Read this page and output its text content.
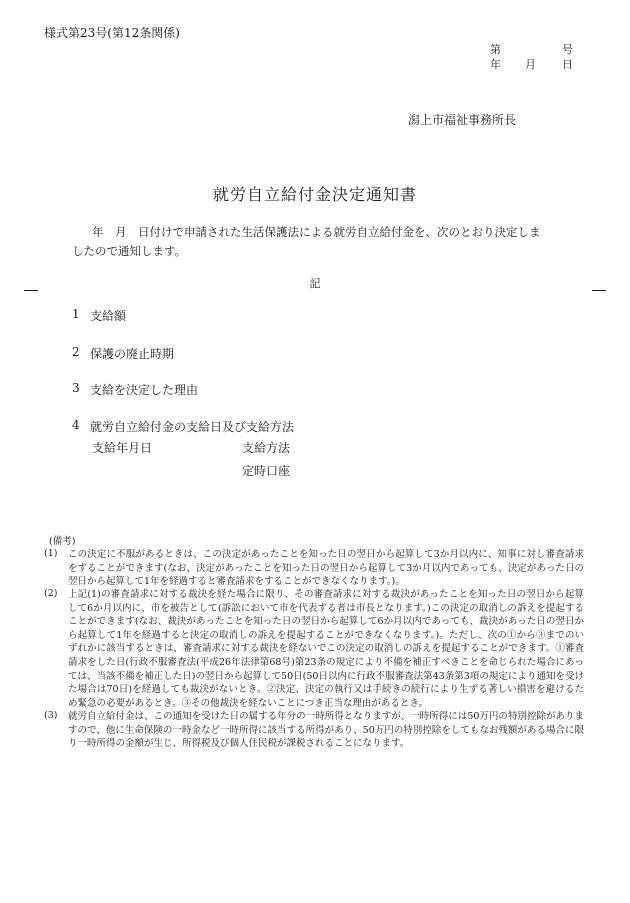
様式第23号(第12条関係)
第	号
年 月 日
潟上市福祉事務所長
就労自立給付金決定通知書
年　月　日付けで申請された生活保護法による就労自立給付金を、次のとおり決定しま
したので通知します。
記
1 支給額
2 保護の廃止時期
3 支給を決定した理由
4 就労自立給付金の支給日及び支給方法
支給年月日	支給方法
定時口座
(備考)
(1) この決定に不服があるときは、この決定があったことを知った日の翌日から起算して3か月以内に、知事に対し審査請求をすることができます(なお、決定があったことを知った日の翌日から起算して3か月以内であっても、決定があった日の翌日から起算して1年を経過すると審査請求をすることができなくなります。)。
(2) 上記(1)の審査請求に対する裁決を経た場合に限り、その審査請求に対する裁決があったことを知った日の翌日から起算して6か月以内に、市を被告として(訴訟において市を代表する者は市長となります。)この決定の取消しの訴えを提起することができます(なお、裁決があったことを知った日の翌日から起算して6か月以内であっても、裁決があった日の翌日から起算して1年を経過すると決定の取消しの訴えを提起することができなくなります。)。ただし、次の①から③までのいずれかに該当するときは、審査請求に対する裁決を経ないでこの決定の取消しの訴えを提起することができます。①審査請求をした日(行政不服審査法(平成26年法律第68号)第23条の規定により不備を補正すべきことを命じられた場合にあっては、当該不備を補正した日)の翌日から起算して50日(50日以内に行政不服審査法第43条第3項の規定により通知を受けた場合は70日)を経過しても裁決がないとき。②決定、決定の執行又は手続きの続行により生ずる著しい損害を避けるため緊急の必要があるとき。③その他裁決を経ないことにつき正当な理由があるとき。
(3) 就労自立給付金は、この通知を受けた日の属する年分の一時所得となりますが、一時所得には50万円の特別控除がありますので、他に生命保険の一時金など一時所得に該当する所得があり、50万円の特別控除をしてもなお残額がある場合に限り一時所得の金額が生じ、所得税及び個人住民税が課税されることになります。
